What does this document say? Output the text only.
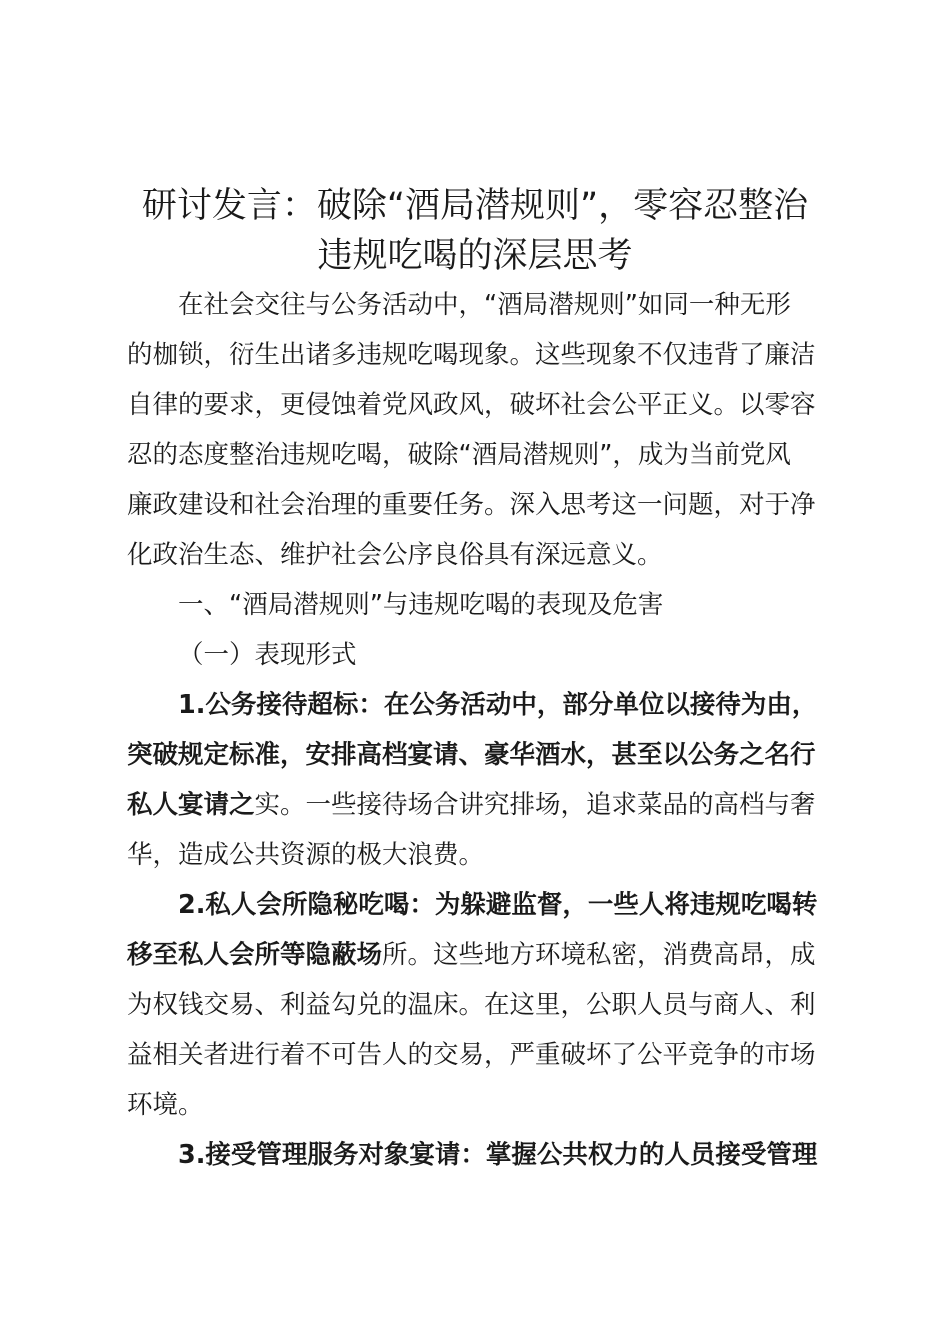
研讨发言：破除“酒局潜规则”，零容忍整治
违规吃喝的深层思考

在社会交往与公务活动中，“酒局潜规则”如同一种无形

的枷锁，衍生出诸多违规吃喝现象。这些现象不仅违背了廉洁

自律的要求，更侵蚀着党风政风，破坏社会公平正义。以零容

忍的态度整治违规吃喝，破除“酒局潜规则”，成为当前党风

廉政建设和社会治理的重要任务。深入思考这一问题，对于净

化政治生态、维护社会公序良俗具有深远意义。

一、“酒局潜规则”与违规吃喝的表现及危害

（一）表现形式

1.公务接待超标：在公务活动中，部分单位以接待为由，

突破规定标准，安排高档宴请、豪华酒水，甚至以公务之名行

私人宴请之实。一些接待场合讲究排场，追求菜品的高档与奢

华，造成公共资源的极大浪费。

2.私人会所隐秘吃喝：为躲避监督，一些人将违规吃喝转

移至私人会所等隐蔽场所。这些地方环境私密，消费高昂，成

为权钱交易、利益勾兑的温床。在这里，公职人员与商人、利

益相关者进行着不可告人的交易，严重破坏了公平竞争的市场

环境。

3.接受管理服务对象宴请：掌握公共权力的人员接受管理
